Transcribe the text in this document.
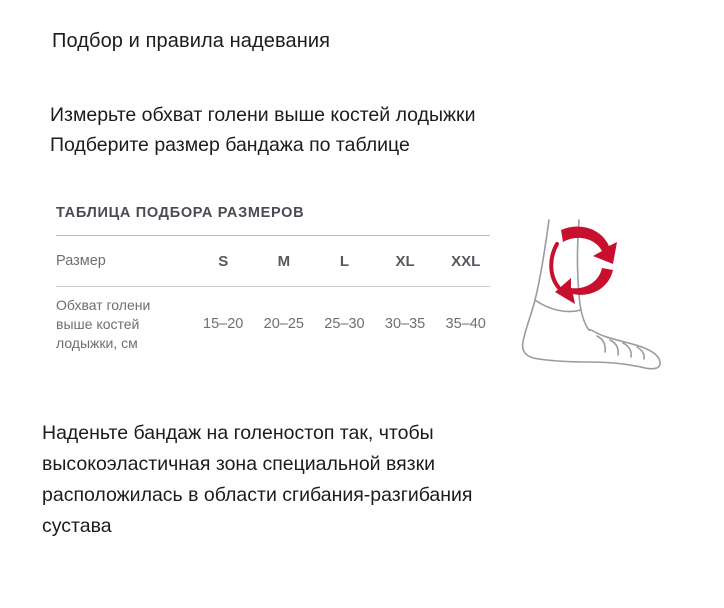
Подбор и правила надевания
Измерьте обхват голени выше костей лодыжки
Подберите размер бандажа по таблице
ТАБЛИЦА ПОДБОРА РАЗМЕРОВ
Размер	S	M	L	XL	XXL
Обхват голени
выше костей
лодыжки, см
15–20	20–25	25–30	30–35	35–40
Наденьте бандаж на голеностоп так, чтобы
высокоэластичная зона специальной вязки
расположилась в области сгибания-разгибания
сустава
